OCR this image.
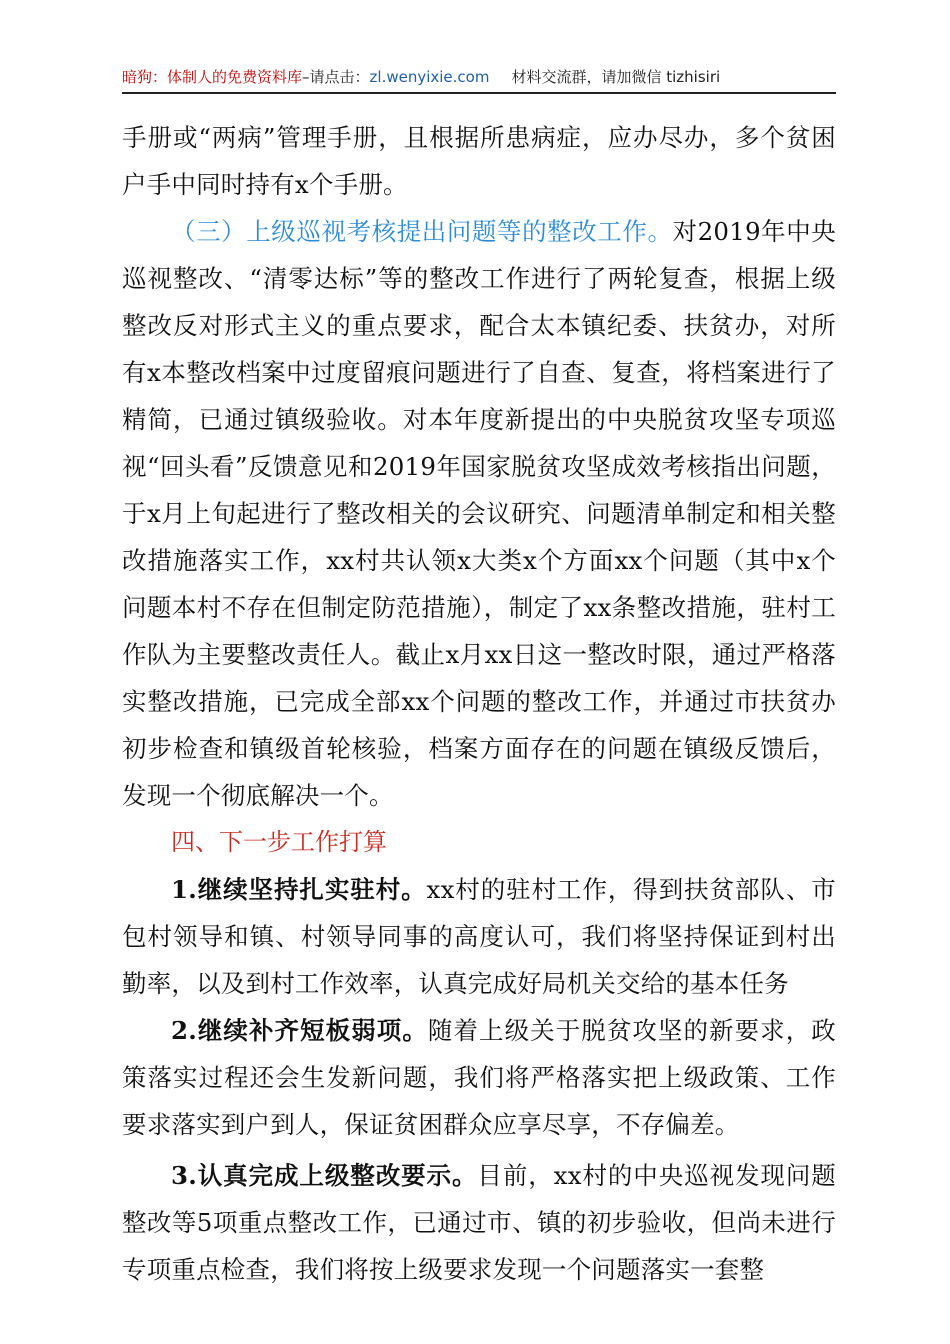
暗狗：体制人的免费资料库–请点击：zl.wenyixie.com 材料交流群，请加微信 tizhisiri

手册或“两病”管理手册，且根据所患病症，应办尽办，多个贫困户手中同时持有x个手册。

（三）上级巡视考核提出问题等的整改工作。对2019年中央巡视整改、“清零达标”等的整改工作进行了两轮复查，根据上级整改反对形式主义的重点要求，配合太本镇纪委、扶贫办，对所有x本整改档案中过度留痕问题进行了自查、复查，将档案进行了精简，已通过镇级验收。对本年度新提出的中央脱贫攻坚专项巡视“回头看”反馈意见和2019年国家脱贫攻坚成效考核指出问题，于x月上旬起进行了整改相关的会议研究、问题清单制定和相关整改措施落实工作，xx村共认领x大类x个方面xx个问题（其中x个问题本村不存在但制定防范措施），制定了xx条整改措施，驻村工作队为主要整改责任人。截止x月xx日这一整改时限，通过严格落实整改措施，已完成全部xx个问题的整改工作，并通过市扶贫办初步检查和镇级首轮核验，档案方面存在的问题在镇级反馈后，发现一个彻底解决一个。

四、下一步工作打算

1.继续坚持扎实驻村。xx村的驻村工作，得到扶贫部队、市包村领导和镇、村领导同事的高度认可，我们将坚持保证到村出勤率，以及到村工作效率，认真完成好局机关交给的基本任务

2.继续补齐短板弱项。随着上级关于脱贫攻坚的新要求，政策落实过程还会生发新问题，我们将严格落实把上级政策、工作要求落实到户到人，保证贫困群众应享尽享，不存偏差。

3.认真完成上级整改要示。目前，xx村的中央巡视发现问题整改等5项重点整改工作，已通过市、镇的初步验收，但尚未进行专项重点检查，我们将按上级要求发现一个问题落实一套整
